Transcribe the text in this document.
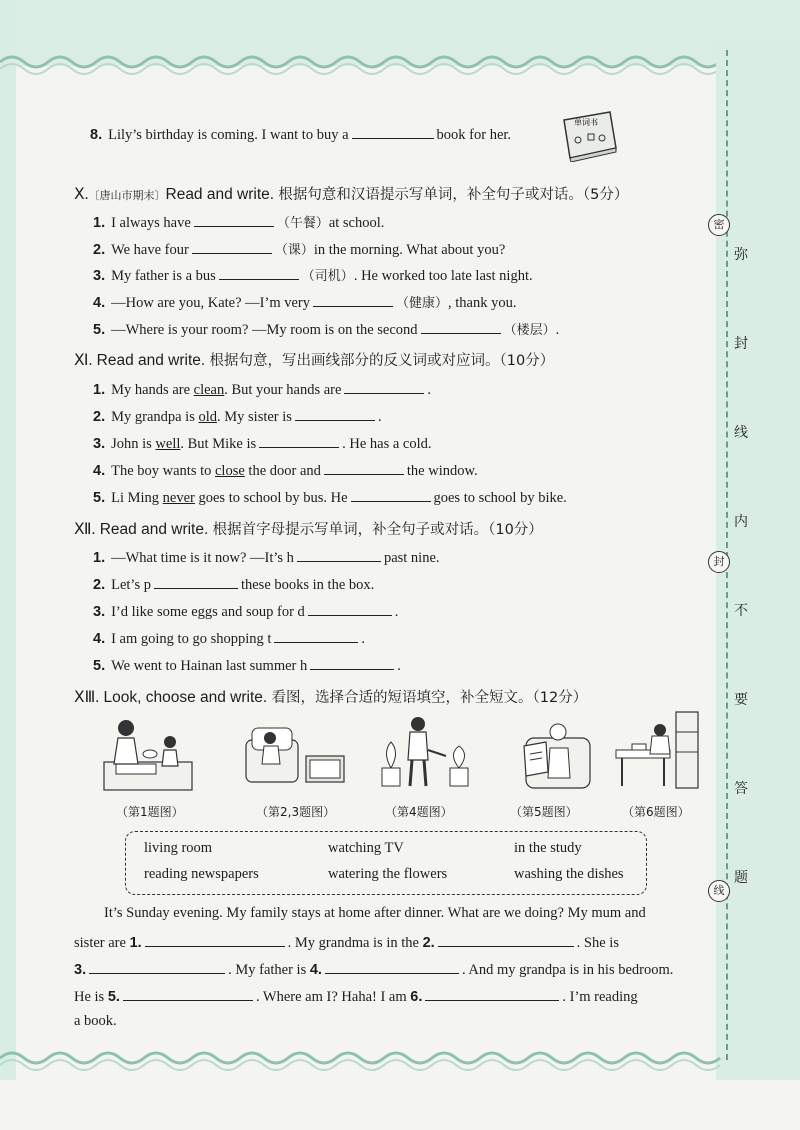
密
封
线
弥
封
线
内
不
要
答
题
8. Lily’s birthday is coming. I want to buy a	book for her.
单词书
Ⅹ.〔唐山市期末〕Read and write. 根据句意和汉语提示写单词，补全句子或对话。（5分）
1. I always have	（午餐）at school.
2. We have four	（课）in the morning. What about you?
3. My father is a bus	（司机）. He worked too late last night.
4. —How are you, Kate? —I’m very	（健康）, thank you.
5. —Where is your room? —My room is on the second	（楼层）.
Ⅺ. Read and write. 根据句意，写出画线部分的反义词或对应词。（10分）
1. My hands are clean. But your hands are	.
2. My grandpa is old. My sister is	.
3. John is well. But Mike is	. He has a cold.
4. The boy wants to close the door and	the window.
5. Li Ming never goes to school by bus. He	goes to school by bike.
Ⅻ. Read and write. 根据首字母提示写单词，补全句子或对话。（10分）
1. —What time is it now? —It’s h	past nine.
2. Let’s p	these books in the box.
3. I’d like some eggs and soup for d	.
4. I am going to go shopping t	.
5. We went to Hainan last summer h	.
ⅩⅢ. Look, choose and write. 看图，选择合适的短语填空，补全短文。（12分）
（第1题图）	（第2,3题图）	（第4题图）	（第5题图）	（第6题图）
living room	watching TV	in the study
reading newspapers	watering the flowers	washing the dishes
It’s Sunday evening. My family stays at home after dinner. What are we doing? My mum and
sister are 1.	. My grandma is in the 2.	. She is
3.	. My father is 4.	. And my grandpa is in his bedroom.
He is 5.	. Where am I? Haha! I am 6.	. I’m reading
a book.
